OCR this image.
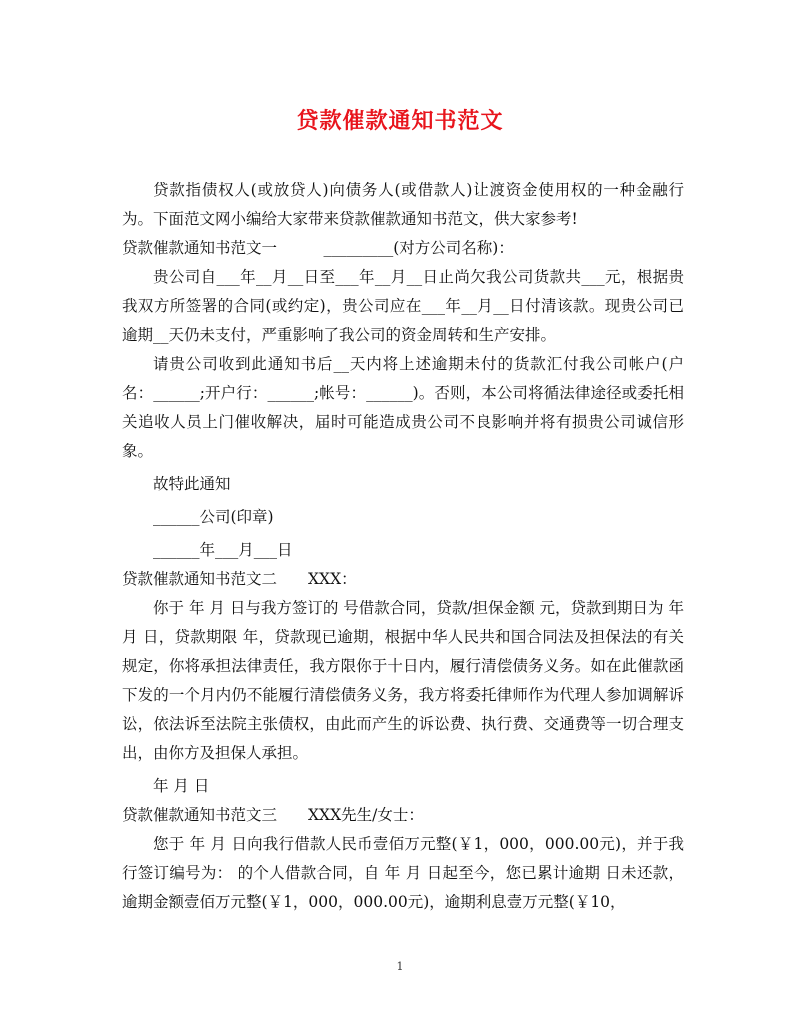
贷款催款通知书范文

贷款指债权人(或放贷人)向债务人(或借款人)让渡资金使用权的一种金融行为。下面范文网小编给大家带来贷款催款通知书范文，供大家参考!

贷款催款通知书范文一　　　_________(对方公司名称)：

贵公司自___年__月__日至___年__月__日止尚欠我公司货款共___元，根据贵我双方所签署的合同(或约定)，贵公司应在___年__月__日付清该款。现贵公司已逾期__天仍未支付，严重影响了我公司的资金周转和生产安排。

请贵公司收到此通知书后__天内将上述逾期未付的货款汇付我公司帐户(户名：______;开户行：______;帐号：______)。否则，本公司将循法律途径或委托相关追收人员上门催收解决，届时可能造成贵公司不良影响并将有损贵公司诚信形象。

故特此通知

______公司(印章)

______年___月___日

贷款催款通知书范文二　　XXX：

你于 年 月 日与我方签订的 号借款合同，贷款/担保金额 元，贷款到期日为 年 月 日，贷款期限 年，贷款现已逾期，根据中华人民共和国合同法及担保法的有关规定，你将承担法律责任，我方限你于十日内，履行清偿债务义务。如在此催款函下发的一个月内仍不能履行清偿债务义务，我方将委托律师作为代理人参加调解诉讼，依法诉至法院主张债权，由此而产生的诉讼费、执行费、交通费等一切合理支出，由你方及担保人承担。

年 月 日

贷款催款通知书范文三　　XXX先生/女士：

您于 年 月 日向我行借款人民币壹佰万元整(￥1，000，000.00元)，并于我行签订编号为： 的个人借款合同，自 年 月 日起至今，您已累计逾期 日未还款，逾期金额壹佰万元整(￥1，000，000.00元)，逾期利息壹万元整(￥10，

1
